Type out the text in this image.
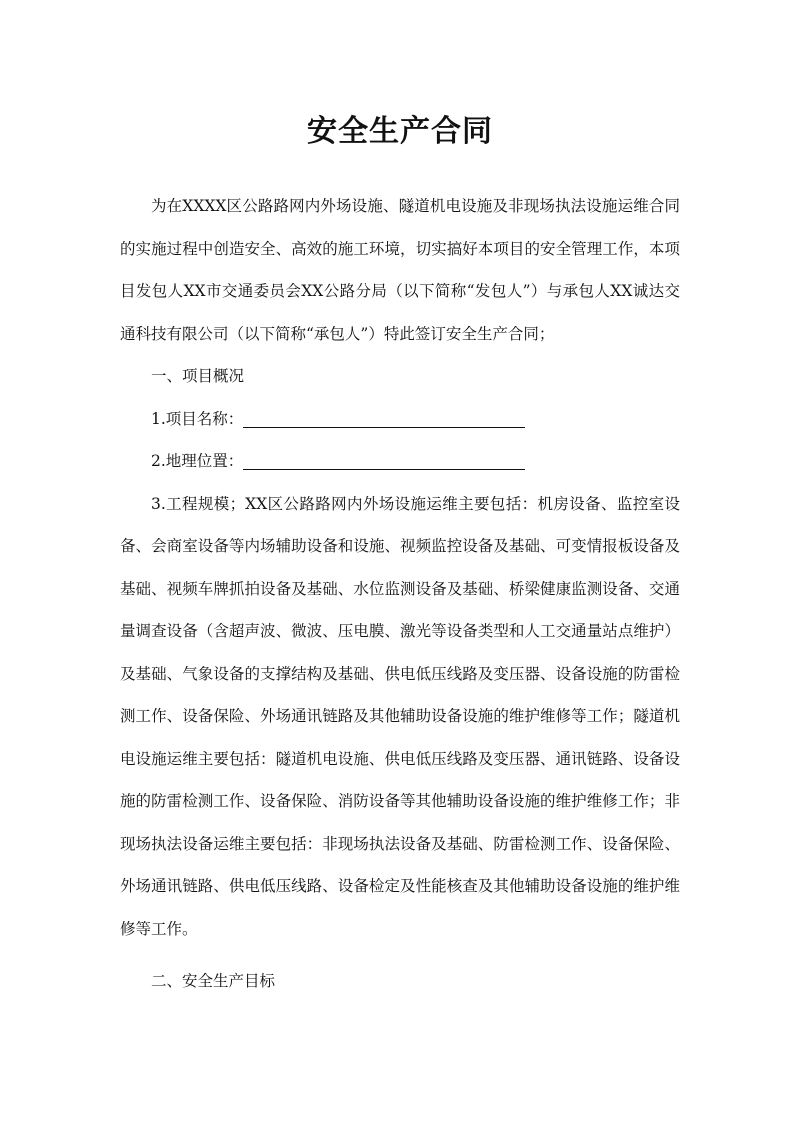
安全生产合同

为在XXXX区公路路网内外场设施、隧道机电设施及非现场执法设施运维合同的实施过程中创造安全、高效的施工环境，切实搞好本项目的安全管理工作，本项目发包人XX市交通委员会XX公路分局（以下简称“发包人”）与承包人XX诚达交通科技有限公司（以下简称“承包人”）特此签订安全生产合同；

一、项目概况

1.项目名称：

2.地理位置：

3.工程规模；XX区公路路网内外场设施运维主要包括：机房设备、监控室设备、会商室设备等内场辅助设备和设施、视频监控设备及基础、可变情报板设备及基础、视频车牌抓拍设备及基础、水位监测设备及基础、桥梁健康监测设备、交通量调查设备（含超声波、微波、压电膜、激光等设备类型和人工交通量站点维护）及基础、气象设备的支撑结构及基础、供电低压线路及变压器、设备设施的防雷检测工作、设备保险、外场通讯链路及其他辅助设备设施的维护维修等工作；隧道机电设施运维主要包括：隧道机电设施、供电低压线路及变压器、通讯链路、设备设施的防雷检测工作、设备保险、消防设备等其他辅助设备设施的维护维修工作；非现场执法设备运维主要包括：非现场执法设备及基础、防雷检测工作、设备保险、外场通讯链路、供电低压线路、设备检定及性能核查及其他辅助设备设施的维护维修等工作。

二、安全生产目标
